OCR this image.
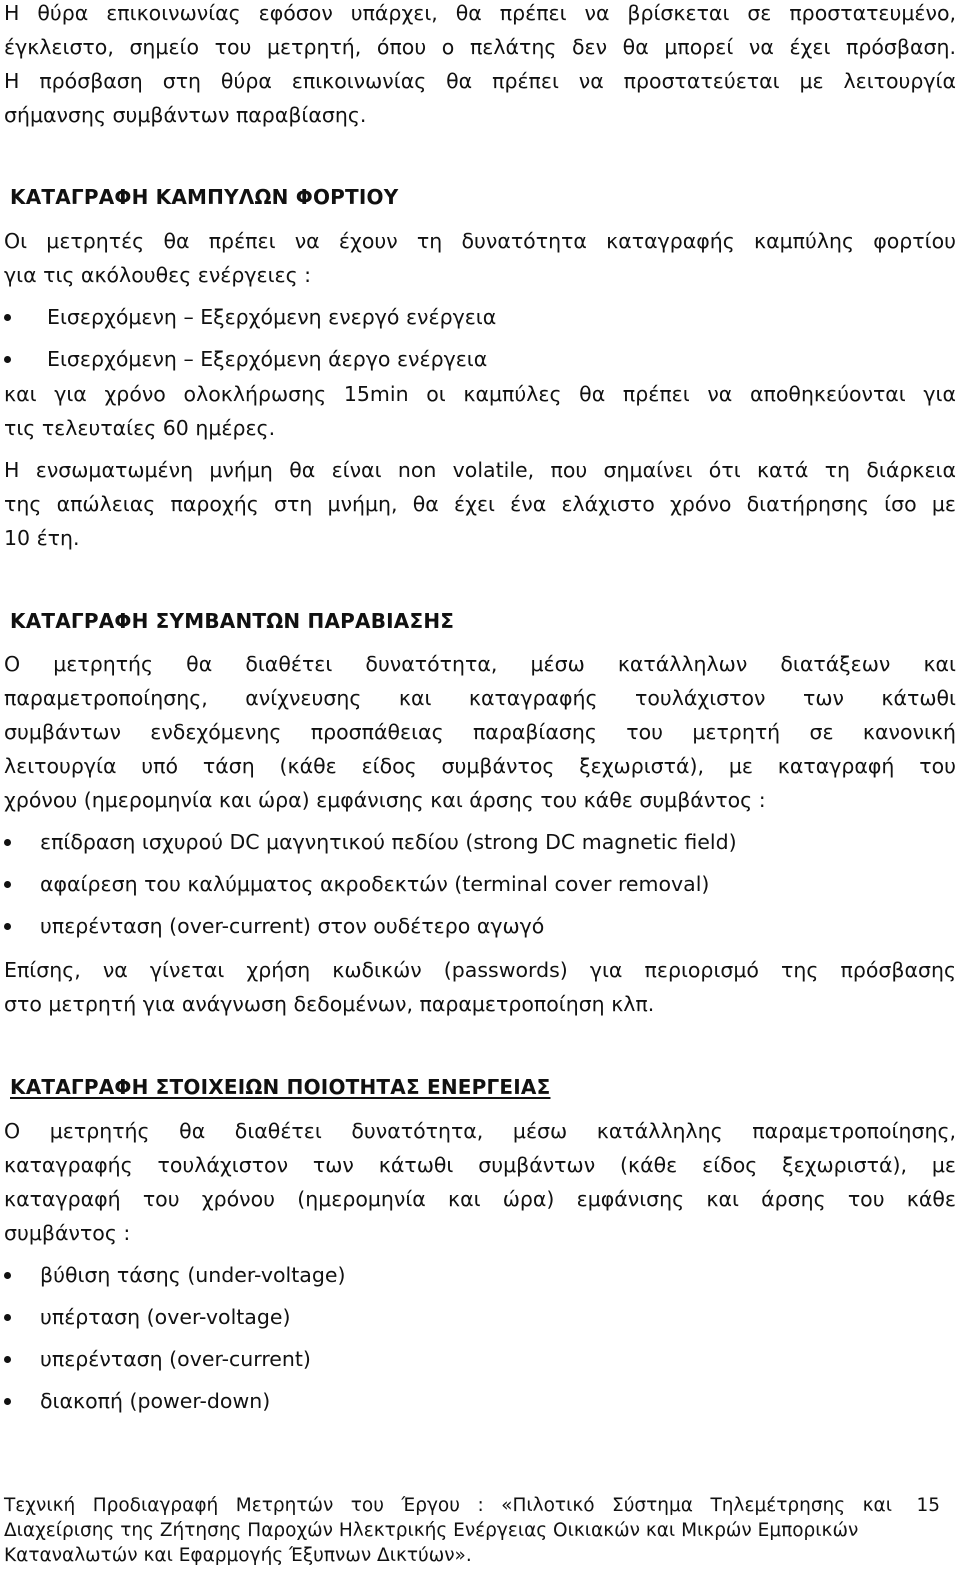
Η θύρα επικοινωνίας εφόσον υπάρχει, θα πρέπει να βρίσκεται σε προστατευμένο,
έγκλειστο, σημείο του μετρητή, όπου ο πελάτης δεν θα μπορεί να έχει πρόσβαση.
Η πρόσβαση στη θύρα επικοινωνίας θα πρέπει να προστατεύεται με λειτουργία
σήμανσης συμβάντων παραβίασης.
ΚΑΤΑΓΡΑΦΗ ΚΑΜΠΥΛΩΝ ΦΟΡΤΙΟΥ
Οι μετρητές θα πρέπει να έχουν τη δυνατότητα καταγραφής καμπύλης φορτίου
για τις ακόλουθες ενέργειες :
Εισερχόμενη – Εξερχόμενη ενεργό ενέργεια
Εισερχόμενη – Εξερχόμενη άεργο ενέργεια
και για χρόνο ολοκλήρωσης 15min οι καμπύλες θα πρέπει να αποθηκεύονται για
τις τελευταίες 60 ημέρες.
Η ενσωματωμένη μνήμη θα είναι non volatile, που σημαίνει ότι κατά τη διάρκεια
της απώλειας παροχής στη μνήμη, θα έχει ένα ελάχιστο χρόνο διατήρησης ίσο με
10 έτη.
ΚΑΤΑΓΡΑΦΗ ΣΥΜΒΑΝΤΩΝ ΠΑΡΑΒΙΑΣΗΣ
Ο μετρητής θα διαθέτει δυνατότητα, μέσω κατάλληλων διατάξεων και
παραμετροποίησης, ανίχνευσης και καταγραφής τουλάχιστον των κάτωθι
συμβάντων ενδεχόμενης προσπάθειας παραβίασης του μετρητή σε κανονική
λειτουργία υπό τάση (κάθε είδος συμβάντος ξεχωριστά), με καταγραφή του
χρόνου (ημερομηνία και ώρα) εμφάνισης και άρσης του κάθε συμβάντος :
επίδραση ισχυρού DC μαγνητικού πεδίου (strong DC magnetic field)
αφαίρεση του καλύμματος ακροδεκτών (terminal cover removal)
υπερένταση (over-current) στον ουδέτερο αγωγό
Επίσης, να γίνεται χρήση κωδικών (passwords) για περιορισμό της πρόσβασης
στο μετρητή για ανάγνωση δεδομένων, παραμετροποίηση κλπ.
ΚΑΤΑΓΡΑΦΗ ΣΤΟΙΧΕΙΩΝ ΠΟΙΟΤΗΤΑΣ ΕΝΕΡΓΕΙΑΣ
Ο μετρητής θα διαθέτει δυνατότητα, μέσω κατάλληλης παραμετροποίησης,
καταγραφής τουλάχιστον των κάτωθι συμβάντων (κάθε είδος ξεχωριστά), με
καταγραφή του χρόνου (ημερομηνία και ώρα) εμφάνισης και άρσης του κάθε
συμβάντος :
βύθιση τάσης (under-voltage)
υπέρταση (over-voltage)
υπερένταση (over-current)
διακοπή (power-down)
Τεχνική Προδιαγραφή Μετρητών του Έργου : «Πιλοτικό Σύστημα Τηλεμέτρησης και
Διαχείρισης της Ζήτησης Παροχών Ηλεκτρικής Ενέργειας Οικιακών και Μικρών Εμπορικών
Καταναλωτών και Εφαρμογής Έξυπνων Δικτύων».
15
